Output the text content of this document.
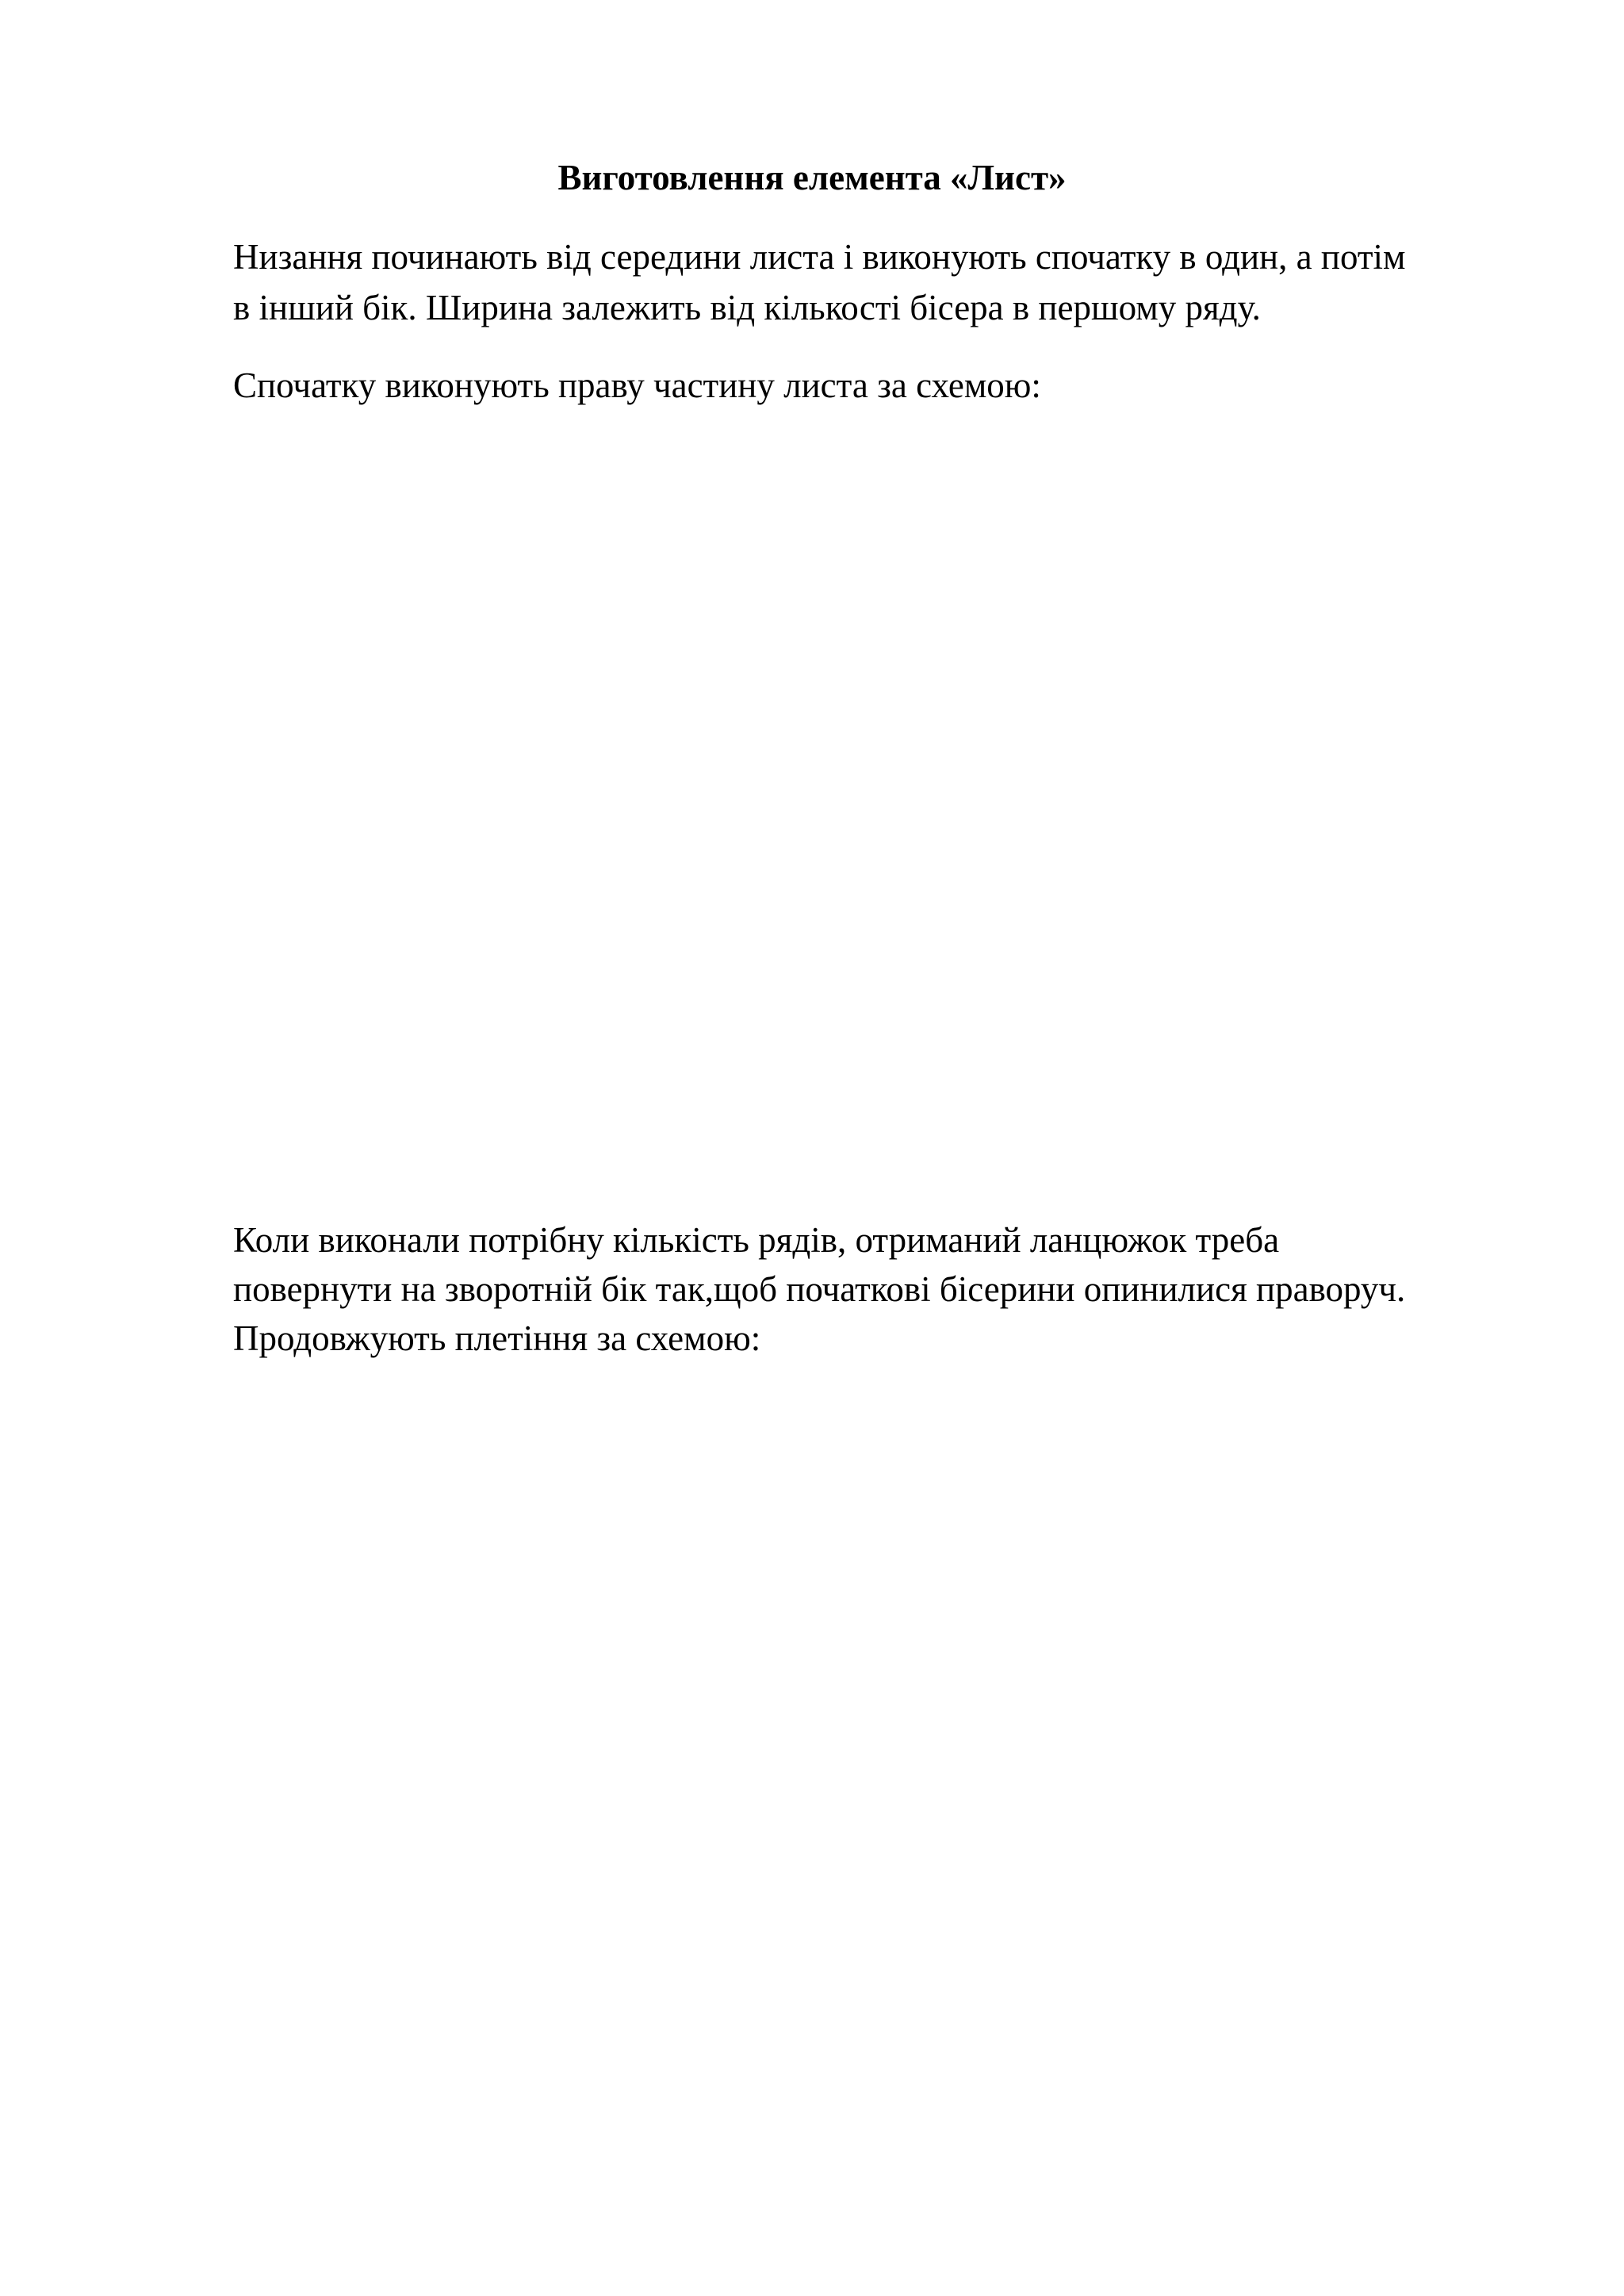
Виготовлення елемента «Лист»

Низання починають від середини листа і виконують спочатку в один, а потім

в інший бік. Ширина залежить від кількості бісера в першому ряду.

Спочатку виконують праву частину листа за схемою:

Коли виконали потрібну кількість рядів, отриманий ланцюжок треба

повернути на зворотній бік так,щоб початкові бісерини опинилися праворуч.

Продовжують плетіння за схемою:
